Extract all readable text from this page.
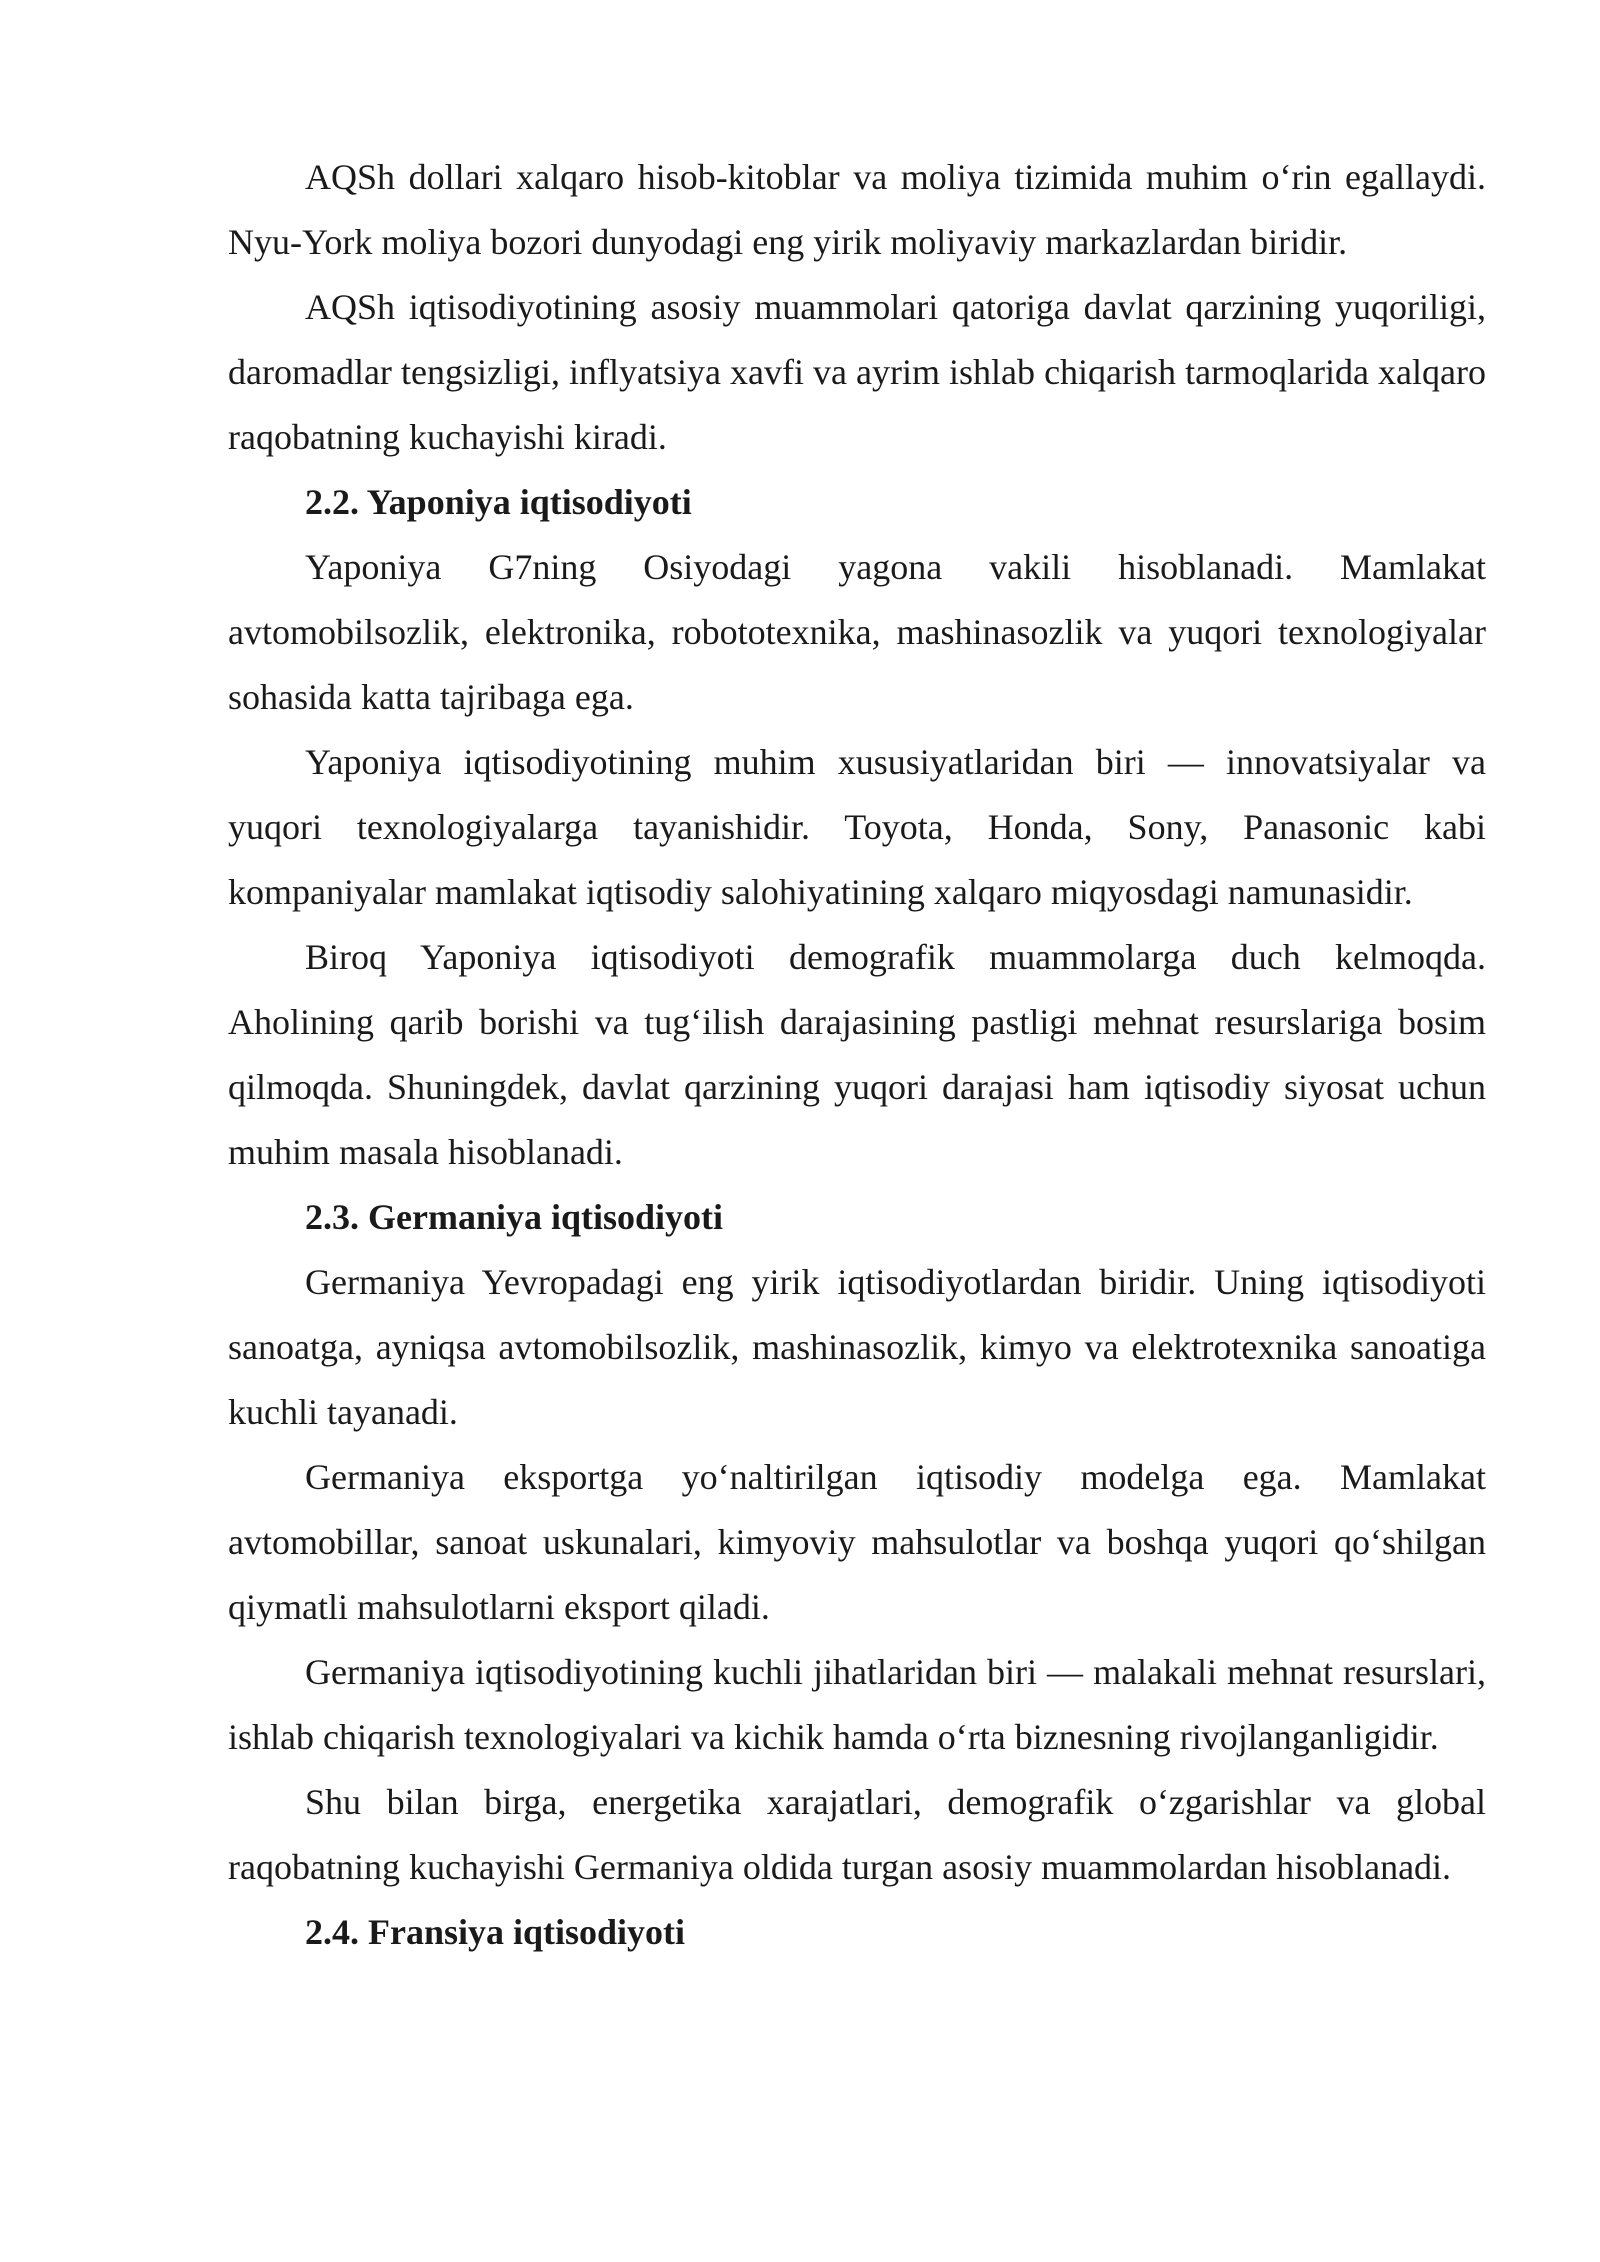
AQSh dollari xalqaro hisob-kitoblar va moliya tizimida muhim o‘rin egallaydi. Nyu-York moliya bozori dunyodagi eng yirik moliyaviy markazlardan biridir.

AQSh iqtisodiyotining asosiy muammolari qatoriga davlat qarzining yuqoriligi, daromadlar tengsizligi, inflyatsiya xavfi va ayrim ishlab chiqarish tarmoqlarida xalqaro raqobatning kuchayishi kiradi.

2.2. Yaponiya iqtisodiyoti

Yaponiya G7ning Osiyodagi yagona vakili hisoblanadi. Mamlakat avtomobilsozlik, elektronika, robototexnika, mashinasozlik va yuqori texnologiyalar sohasida katta tajribaga ega.

Yaponiya iqtisodiyotining muhim xususiyatlaridan biri — innovatsiyalar va yuqori texnologiyalarga tayanishidir. Toyota, Honda, Sony, Panasonic kabi kompaniyalar mamlakat iqtisodiy salohiyatining xalqaro miqyosdagi namunasidir.

Biroq Yaponiya iqtisodiyoti demografik muammolarga duch kelmoqda. Aholining qarib borishi va tug‘ilish darajasining pastligi mehnat resurslariga bosim qilmoqda. Shuningdek, davlat qarzining yuqori darajasi ham iqtisodiy siyosat uchun muhim masala hisoblanadi.

2.3. Germaniya iqtisodiyoti

Germaniya Yevropadagi eng yirik iqtisodiyotlardan biridir. Uning iqtisodiyoti sanoatga, ayniqsa avtomobilsozlik, mashinasozlik, kimyo va elektrotexnika sanoatiga kuchli tayanadi.

Germaniya eksportga yo‘naltirilgan iqtisodiy modelga ega. Mamlakat avtomobillar, sanoat uskunalari, kimyoviy mahsulotlar va boshqa yuqori qo‘shilgan qiymatli mahsulotlarni eksport qiladi.

Germaniya iqtisodiyotining kuchli jihatlaridan biri — malakali mehnat resurslari, ishlab chiqarish texnologiyalari va kichik hamda o‘rta biznesning rivojlanganligidir.

Shu bilan birga, energetika xarajatlari, demografik o‘zgarishlar va global raqobatning kuchayishi Germaniya oldida turgan asosiy muammolardan hisoblanadi.

2.4. Fransiya iqtisodiyoti
